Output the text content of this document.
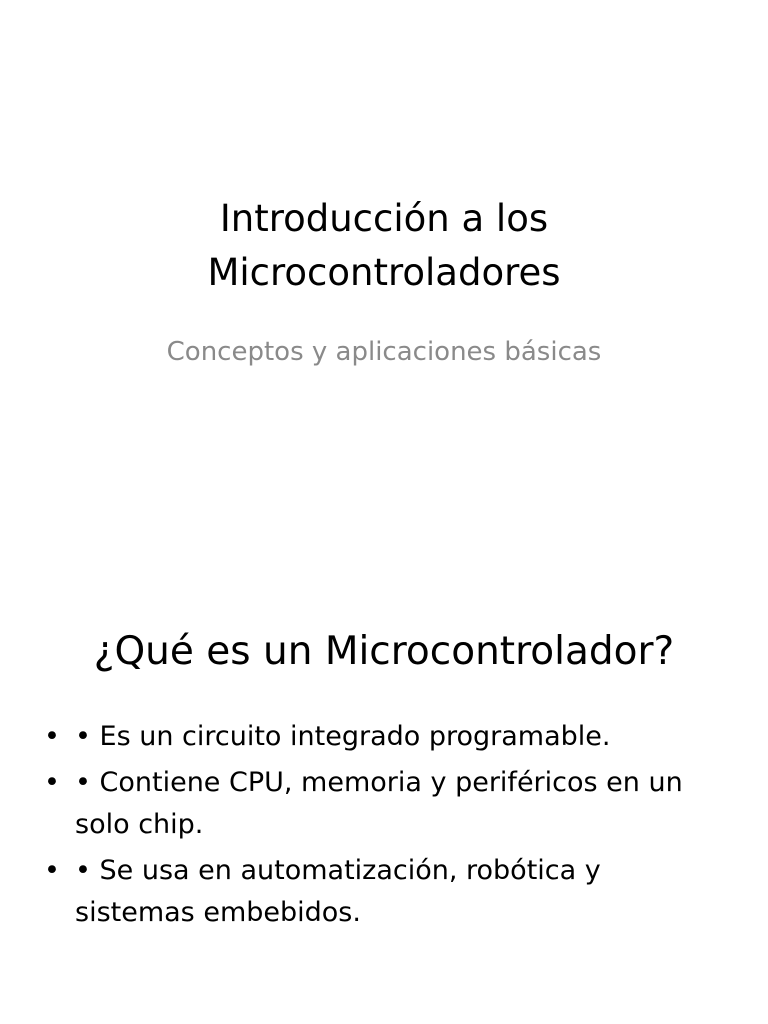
Introducción a los
Microcontroladores
Conceptos y aplicaciones básicas
¿Qué es un Microcontrolador?
• • Es un circuito integrado programable.
• • Contiene CPU, memoria y periféricos en un solo chip.
• • Se usa en automatización, robótica y sistemas embebidos.
